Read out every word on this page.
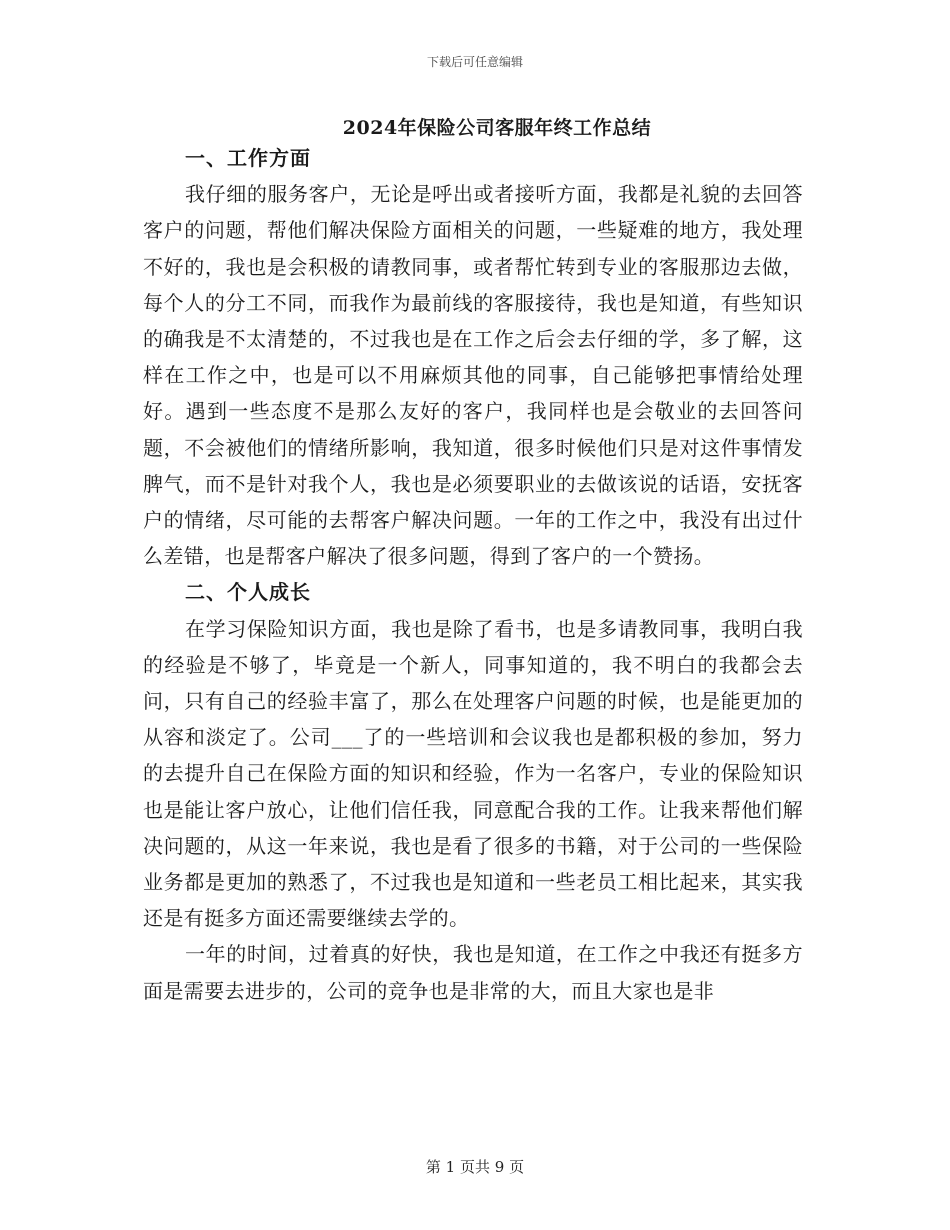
下载后可任意编辑
2024年保险公司客服年终工作总结
一、工作方面

我仔细的服务客户，无论是呼出或者接听方面，我都是礼貌的去回答客户的问题，帮他们解决保险方面相关的问题，一些疑难的地方，我处理不好的，我也是会积极的请教同事，或者帮忙转到专业的客服那边去做，每个人的分工不同，而我作为最前线的客服接待，我也是知道，有些知识的确我是不太清楚的，不过我也是在工作之后会去仔细的学，多了解，这样在工作之中，也是可以不用麻烦其他的同事，自己能够把事情给处理好。遇到一些态度不是那么友好的客户，我同样也是会敬业的去回答问题，不会被他们的情绪所影响，我知道，很多时候他们只是对这件事情发脾气，而不是针对我个人，我也是必须要职业的去做该说的话语，安抚客户的情绪，尽可能的去帮客户解决问题。一年的工作之中，我没有出过什么差错，也是帮客户解决了很多问题，得到了客户的一个赞扬。

二、个人成长

在学习保险知识方面，我也是除了看书，也是多请教同事，我明白我的经验是不够了，毕竟是一个新人，同事知道的，我不明白的我都会去问，只有自己的经验丰富了，那么在处理客户问题的时候，也是能更加的从容和淡定了。公司___了的一些培训和会议我也是都积极的参加，努力的去提升自己在保险方面的知识和经验，作为一名客户，专业的保险知识也是能让客户放心，让他们信任我，同意配合我的工作。让我来帮他们解决问题的，从这一年来说，我也是看了很多的书籍，对于公司的一些保险业务都是更加的熟悉了，不过我也是知道和一些老员工相比起来，其实我还是有挺多方面还需要继续去学的。

一年的时间，过着真的好快，我也是知道，在工作之中我还有挺多方面是需要去进步的，公司的竞争也是非常的大，而且大家也是非

第 1 页共 9 页
